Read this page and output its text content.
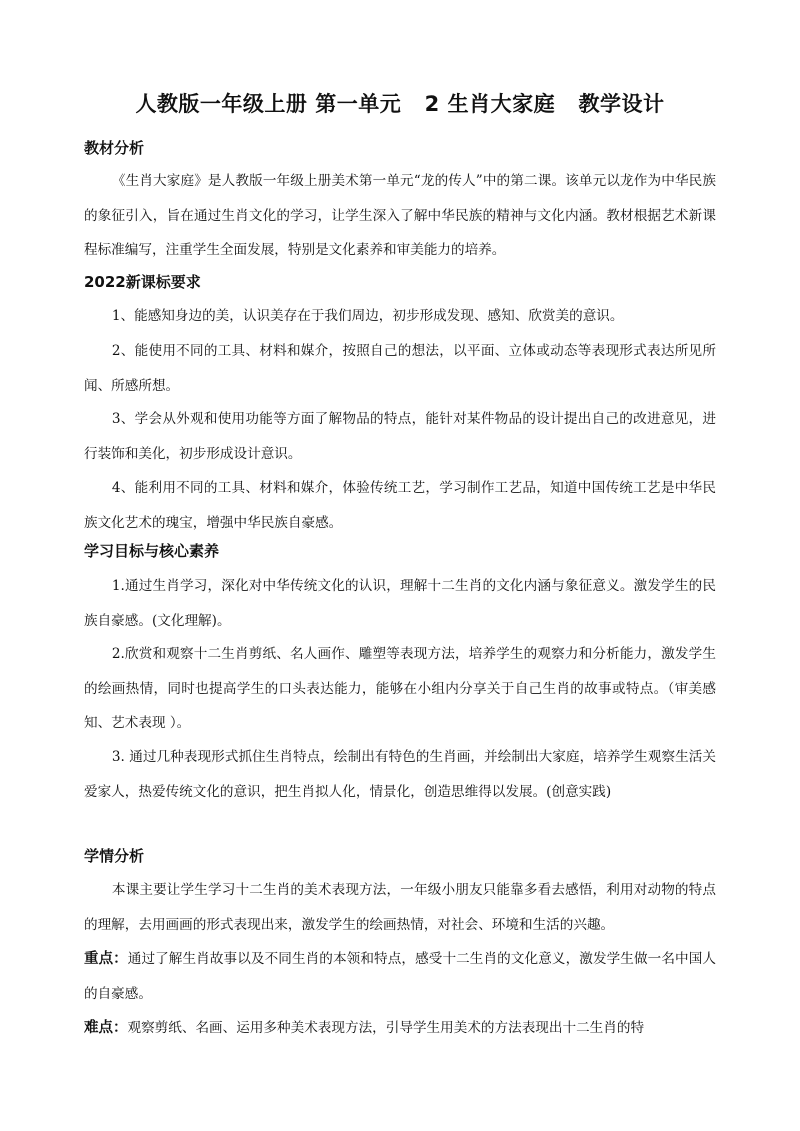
人教版一年级上册 第一单元   2 生肖大家庭   教学设计
教材分析

《生肖大家庭》是人教版一年级上册美术第一单元“龙的传人”中的第二课。该单元以龙作为中华民族的象征引入，旨在通过生肖文化的学习，让学生深入了解中华民族的精神与文化内涵。教材根据艺术新课程标准编写，注重学生全面发展，特别是文化素养和审美能力的培养。

2022新课标要求

1、能感知身边的美，认识美存在于我们周边，初步形成发现、感知、欣赏美的意识。

2、能使用不同的工具、材料和媒介，按照自己的想法，以平面、立体或动态等表现形式表达所见所闻、所感所想。

3、学会从外观和使用功能等方面了解物品的特点，能针对某件物品的设计提出自己的改进意见，进行装饰和美化，初步形成设计意识。

4、能利用不同的工具、材料和媒介，体验传统工艺，学习制作工艺品，知道中国传统工艺是中华民族文化艺术的瑰宝，增强中华民族自豪感。

学习目标与核心素养

1.通过生肖学习，深化对中华传统文化的认识，理解十二生肖的文化内涵与象征意义。激发学生的民族自豪感。(文化理解)。

2.欣赏和观察十二生肖剪纸、名人画作、雕塑等表现方法，培养学生的观察力和分析能力，激发学生的绘画热情，同时也提高学生的口头表达能力，能够在小组内分享关于自己生肖的故事或特点。（审美感知、艺术表现 ）。

3. 通过几种表现形式抓住生肖特点，绘制出有特色的生肖画，并绘制出大家庭，培养学生观察生活关爱家人，热爱传统文化的意识，把生肖拟人化，情景化，创造思维得以发展。(创意实践)

学情分析

本课主要让学生学习十二生肖的美术表现方法，一年级小朋友只能靠多看去感悟，利用对动物的特点的理解，去用画画的形式表现出来，激发学生的绘画热情，对社会、环境和生活的兴趣。

重点：通过了解生肖故事以及不同生肖的本领和特点，感受十二生肖的文化意义，激发学生做一名中国人的自豪感。

难点：观察剪纸、名画、运用多种美术表现方法，引导学生用美术的方法表现出十二生肖的特
